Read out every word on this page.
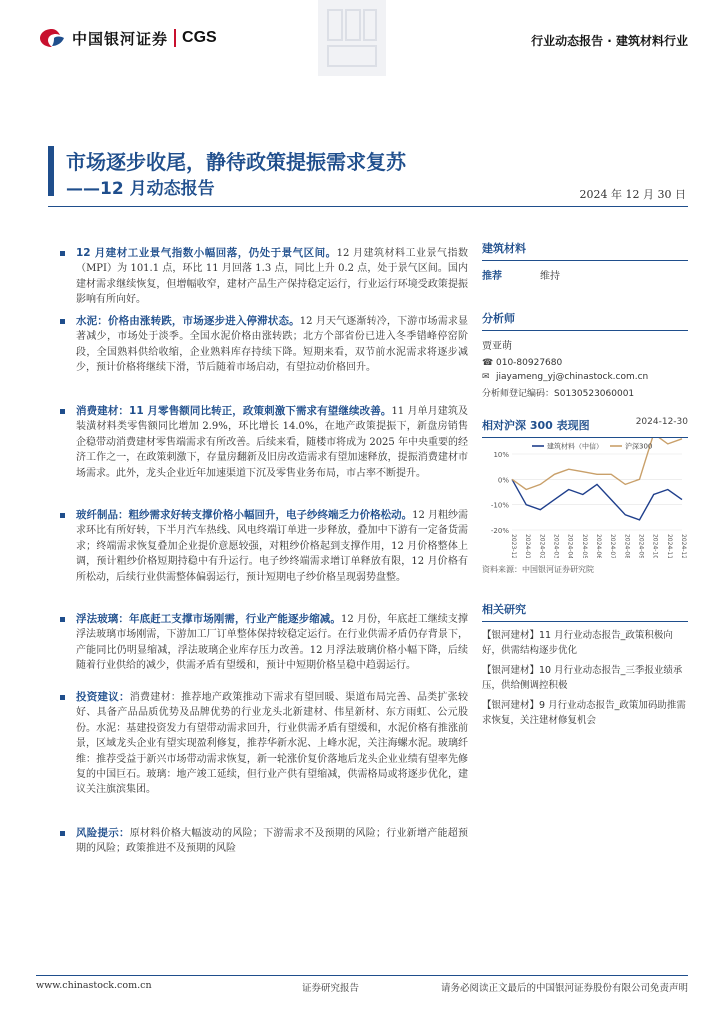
中国银河证券 CGS	行业动态报告 · 建筑材料行业
市场逐步收尾，静待政策提振需求复苏
——12 月动态报告	2024 年 12 月 30 日
12 月建材工业景气指数小幅回落，仍处于景气区间。12 月建筑材料工业景气指数（MPI）为 101.1 点，环比 11 月回落 1.3 点，同比上升 0.2 点，处于景气区间。国内建材需求继续恢复，但增幅收窄，建材产品生产保持稳定运行，行业运行环境受政策提振影响有所向好。
水泥：价格由涨转跌，市场逐步进入停滞状态。12 月天气逐渐转冷，下游市场需求显著减少，市场处于淡季。全国水泥价格由涨转跌；北方个部省份已进入冬季错峰停窑阶段，全国熟料供给收缩，企业熟料库存持续下降。短期来看，双节前水泥需求将逐步减少，预计价格将继续下滑，节后随着市场启动，有望拉动价格回升。
消费建材：11 月零售额同比转正，政策刺激下需求有望继续改善。11 月单月建筑及装潢材料类零售额同比增加 2.9%，环比增长 14.0%，在地产政策提振下，新盘房销售企稳带动消费建材零售端需求有所改善。后续来看，随楼市将成为 2025 年中央重要的经济工作之一，在政策刺激下，存量房翻新及旧房改造需求有望加速释放，提振消费建材市场需求。此外，龙头企业近年加速渠道下沉及零售业务布局，市占率不断提升。
玻纤制品：粗纱需求好转支撑价格小幅回升，电子纱终端乏力价格松动。12 月粗纱需求环比有所好转，下半月汽车热线、风电终端订单进一步释放，叠加中下游有一定备货需求；终端需求恢复叠加企业提价意愿较强，对粗纱价格起到支撑作用，12 月价格整体上调，预计粗纱价格短期持稳中有升运行。电子纱终端需求增订单释放有限，12 月价格有所松动，后续行业供需整体偏弱运行，预计短期电子纱价格呈现弱势盘整。
浮法玻璃：年底赶工支撑市场刚需，行业产能逐步缩减。12 月份，年底赶工继续支撑浮法玻璃市场刚需，下游加工厂订单整体保持较稳定运行。在行业供需矛盾仍存背景下，产能同比仍明显缩减，浮法玻璃企业库存压力改善。12 月浮法玻璃价格小幅下降，后续随着行业供给的减少，供需矛盾有望缓和，预计中短期价格呈稳中趋弱运行。
投资建议：消费建材：推荐地产政策推动下需求有望回暖、渠道布局完善、品类扩张较好、具备产品品质优势及品牌优势的行业龙头北新建材、伟星新材、东方雨虹、公元股份。水泥：基建投资发力有望带动需求回升，行业供需矛盾有望缓和，水泥价格有推涨前景，区域龙头企业有望实现盈利修复，推荐华新水泥、上峰水泥，关注海螺水泥。玻璃纤维：推荐受益于新兴市场带动需求恢复，新一轮涨价复价落地后龙头企业业绩有望率先修复的中国巨石。玻璃：地产竣工延续，但行业产供有望缩减，供需格局或将逐步优化，建议关注旗滨集团。
风险提示：原材料价格大幅波动的风险；下游需求不及预期的风险；行业新增产能超预期的风险；政策推进不及预期的风险
建筑材料
推荐	维持
分析师
贾亚萌
☎ 010-80927680
✉ jiayameng_yj@chinastock.com.cn
分析师登记编码：S0130523060001
相对沪深 300 表现图	2024-12-30
10%
0%
-10%
-20%
2023-12 2024-01 2024-02 2024-03 2024-04 2024-05 2024-06 2024-07 2024-08 2024-09 2024-10 2024-11 2024-12
建筑材料（中信）	沪深300
资料来源：中国银河证券研究院
相关研究
【银河建材】11 月行业动态报告_政策积极向好，供需结构逐步优化
【银河建材】10 月行业动态报告_三季报业绩承压，供给侧调控积极
【银河建材】9 月行业动态报告_政策加码助推需求恢复，关注建材修复机会
www.chinastock.com.cn	证券研究报告	请务必阅读正文最后的中国银河证券股份有限公司免责声明
